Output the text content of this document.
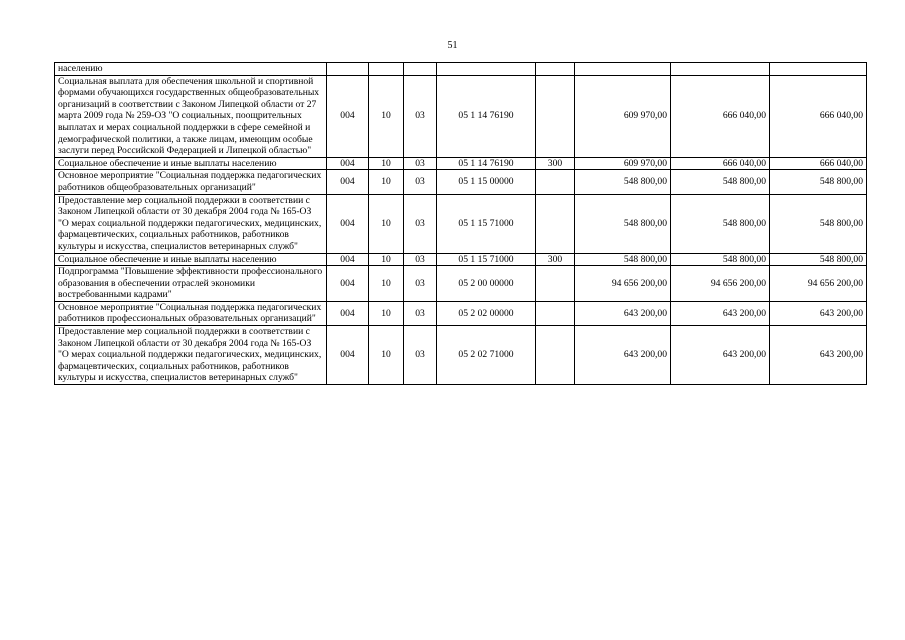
51
населению								
Социальная выплата для обеспечения школьной и спортивной формами обучающихся государственных общеобразовательных организаций в соответствии с Законом Липецкой области от 27 марта 2009 года № 259-ОЗ "О социальных, поощрительных выплатах и мерах социальной поддержки в сфере семейной и демографической политики, а также лицам, имеющим особые заслуги перед Российской Федерацией и Липецкой областью"	004	10	03	05 1 14 76190		609 970,00	666 040,00	666 040,00
Социальное обеспечение и иные выплаты населению	004	10	03	05 1 14 76190	300	609 970,00	666 040,00	666 040,00
Основное мероприятие "Социальная поддержка педагогических работников общеобразовательных организаций"	004	10	03	05 1 15 00000		548 800,00	548 800,00	548 800,00
Предоставление мер социальной поддержки в соответствии с Законом Липецкой области от 30 декабря 2004 года № 165-ОЗ "О мерах социальной поддержки педагогических, медицинских, фармацевтических, социальных работников, работников культуры и искусства, специалистов ветеринарных служб"	004	10	03	05 1 15 71000		548 800,00	548 800,00	548 800,00
Социальное обеспечение и иные выплаты населению	004	10	03	05 1 15 71000	300	548 800,00	548 800,00	548 800,00
Подпрограмма "Повышение эффективности профессионального образования в обеспечении отраслей экономики востребованными кадрами"	004	10	03	05 2 00 00000		94 656 200,00	94 656 200,00	94 656 200,00
Основное мероприятие "Социальная поддержка педагогических работников профессиональных образовательных организаций"	004	10	03	05 2 02 00000		643 200,00	643 200,00	643 200,00
Предоставление мер социальной поддержки в соответствии с Законом Липецкой области от 30 декабря 2004 года № 165-ОЗ "О мерах социальной поддержки педагогических, медицинских, фармацевтических, социальных работников, работников культуры и искусства, специалистов ветеринарных служб"	004	10	03	05 2 02 71000		643 200,00	643 200,00	643 200,00
